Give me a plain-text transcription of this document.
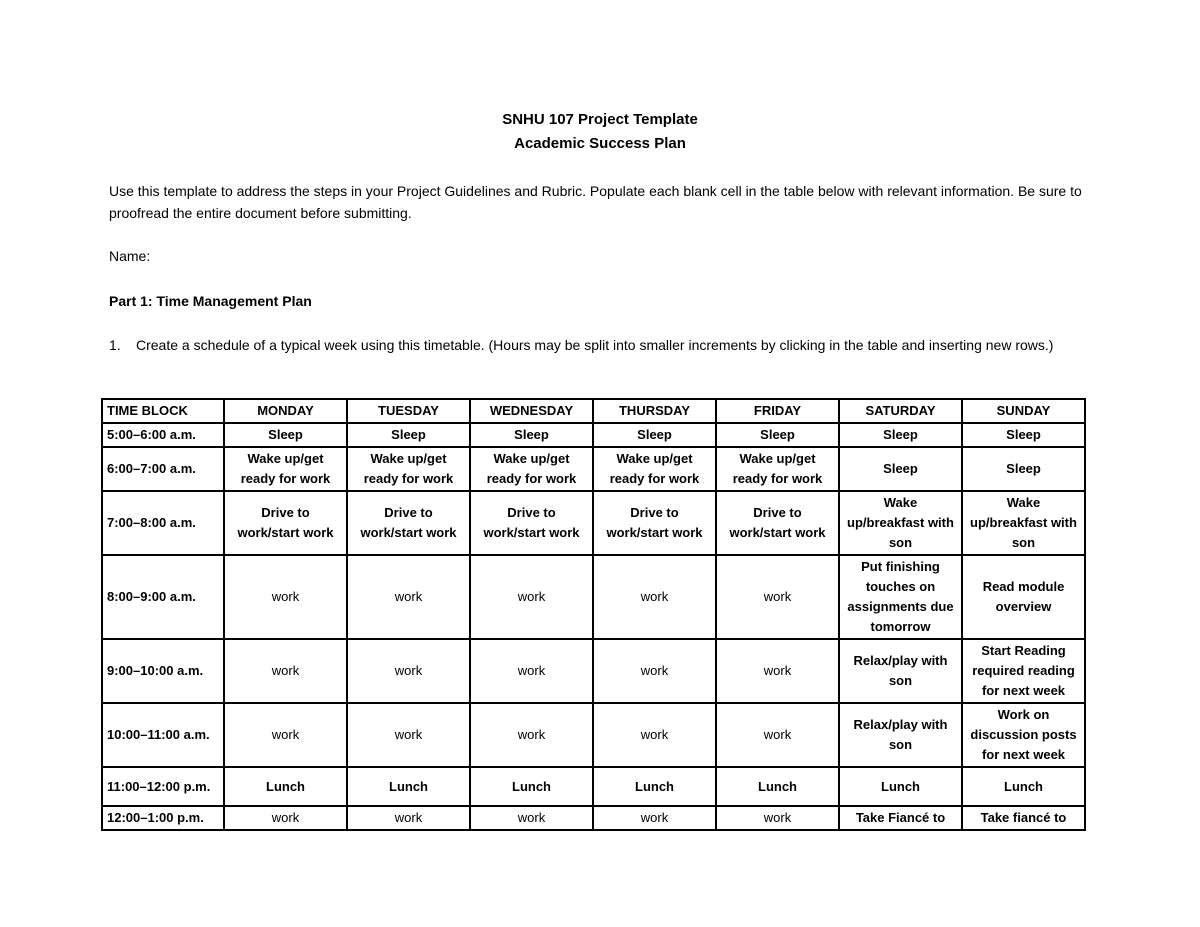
SNHU 107 Project Template
Academic Success Plan
Use this template to address the steps in your Project Guidelines and Rubric. Populate each blank cell in the table below with relevant information. Be sure to proofread the entire document before submitting.
Name:
Part 1: Time Management Plan
1. Create a schedule of a typical week using this timetable. (Hours may be split into smaller increments by clicking in the table and inserting new rows.)
TIME BLOCK	MONDAY	TUESDAY	WEDNESDAY	THURSDAY	FRIDAY	SATURDAY	SUNDAY
5:00–6:00 a.m.	Sleep	Sleep	Sleep	Sleep	Sleep	Sleep	Sleep
6:00–7:00 a.m.	Wake up/get ready for work	Wake up/get ready for work	Wake up/get ready for work	Wake up/get ready for work	Wake up/get ready for work	Sleep	Sleep
7:00–8:00 a.m.	Drive to work/start work	Drive to work/start work	Drive to work/start work	Drive to work/start work	Drive to work/start work	Wake up/breakfast with son	Wake up/breakfast with son
8:00–9:00 a.m.	work	work	work	work	work	Put finishing touches on assignments due tomorrow	Read module overview
9:00–10:00 a.m.	work	work	work	work	work	Relax/play with son	Start Reading required reading for next week
10:00–11:00 a.m.	work	work	work	work	work	Relax/play with son	Work on discussion posts for next week
11:00–12:00 p.m.	Lunch	Lunch	Lunch	Lunch	Lunch	Lunch	Lunch
12:00–1:00 p.m.	work	work	work	work	work	Take Fiancé to	Take fiancé to
